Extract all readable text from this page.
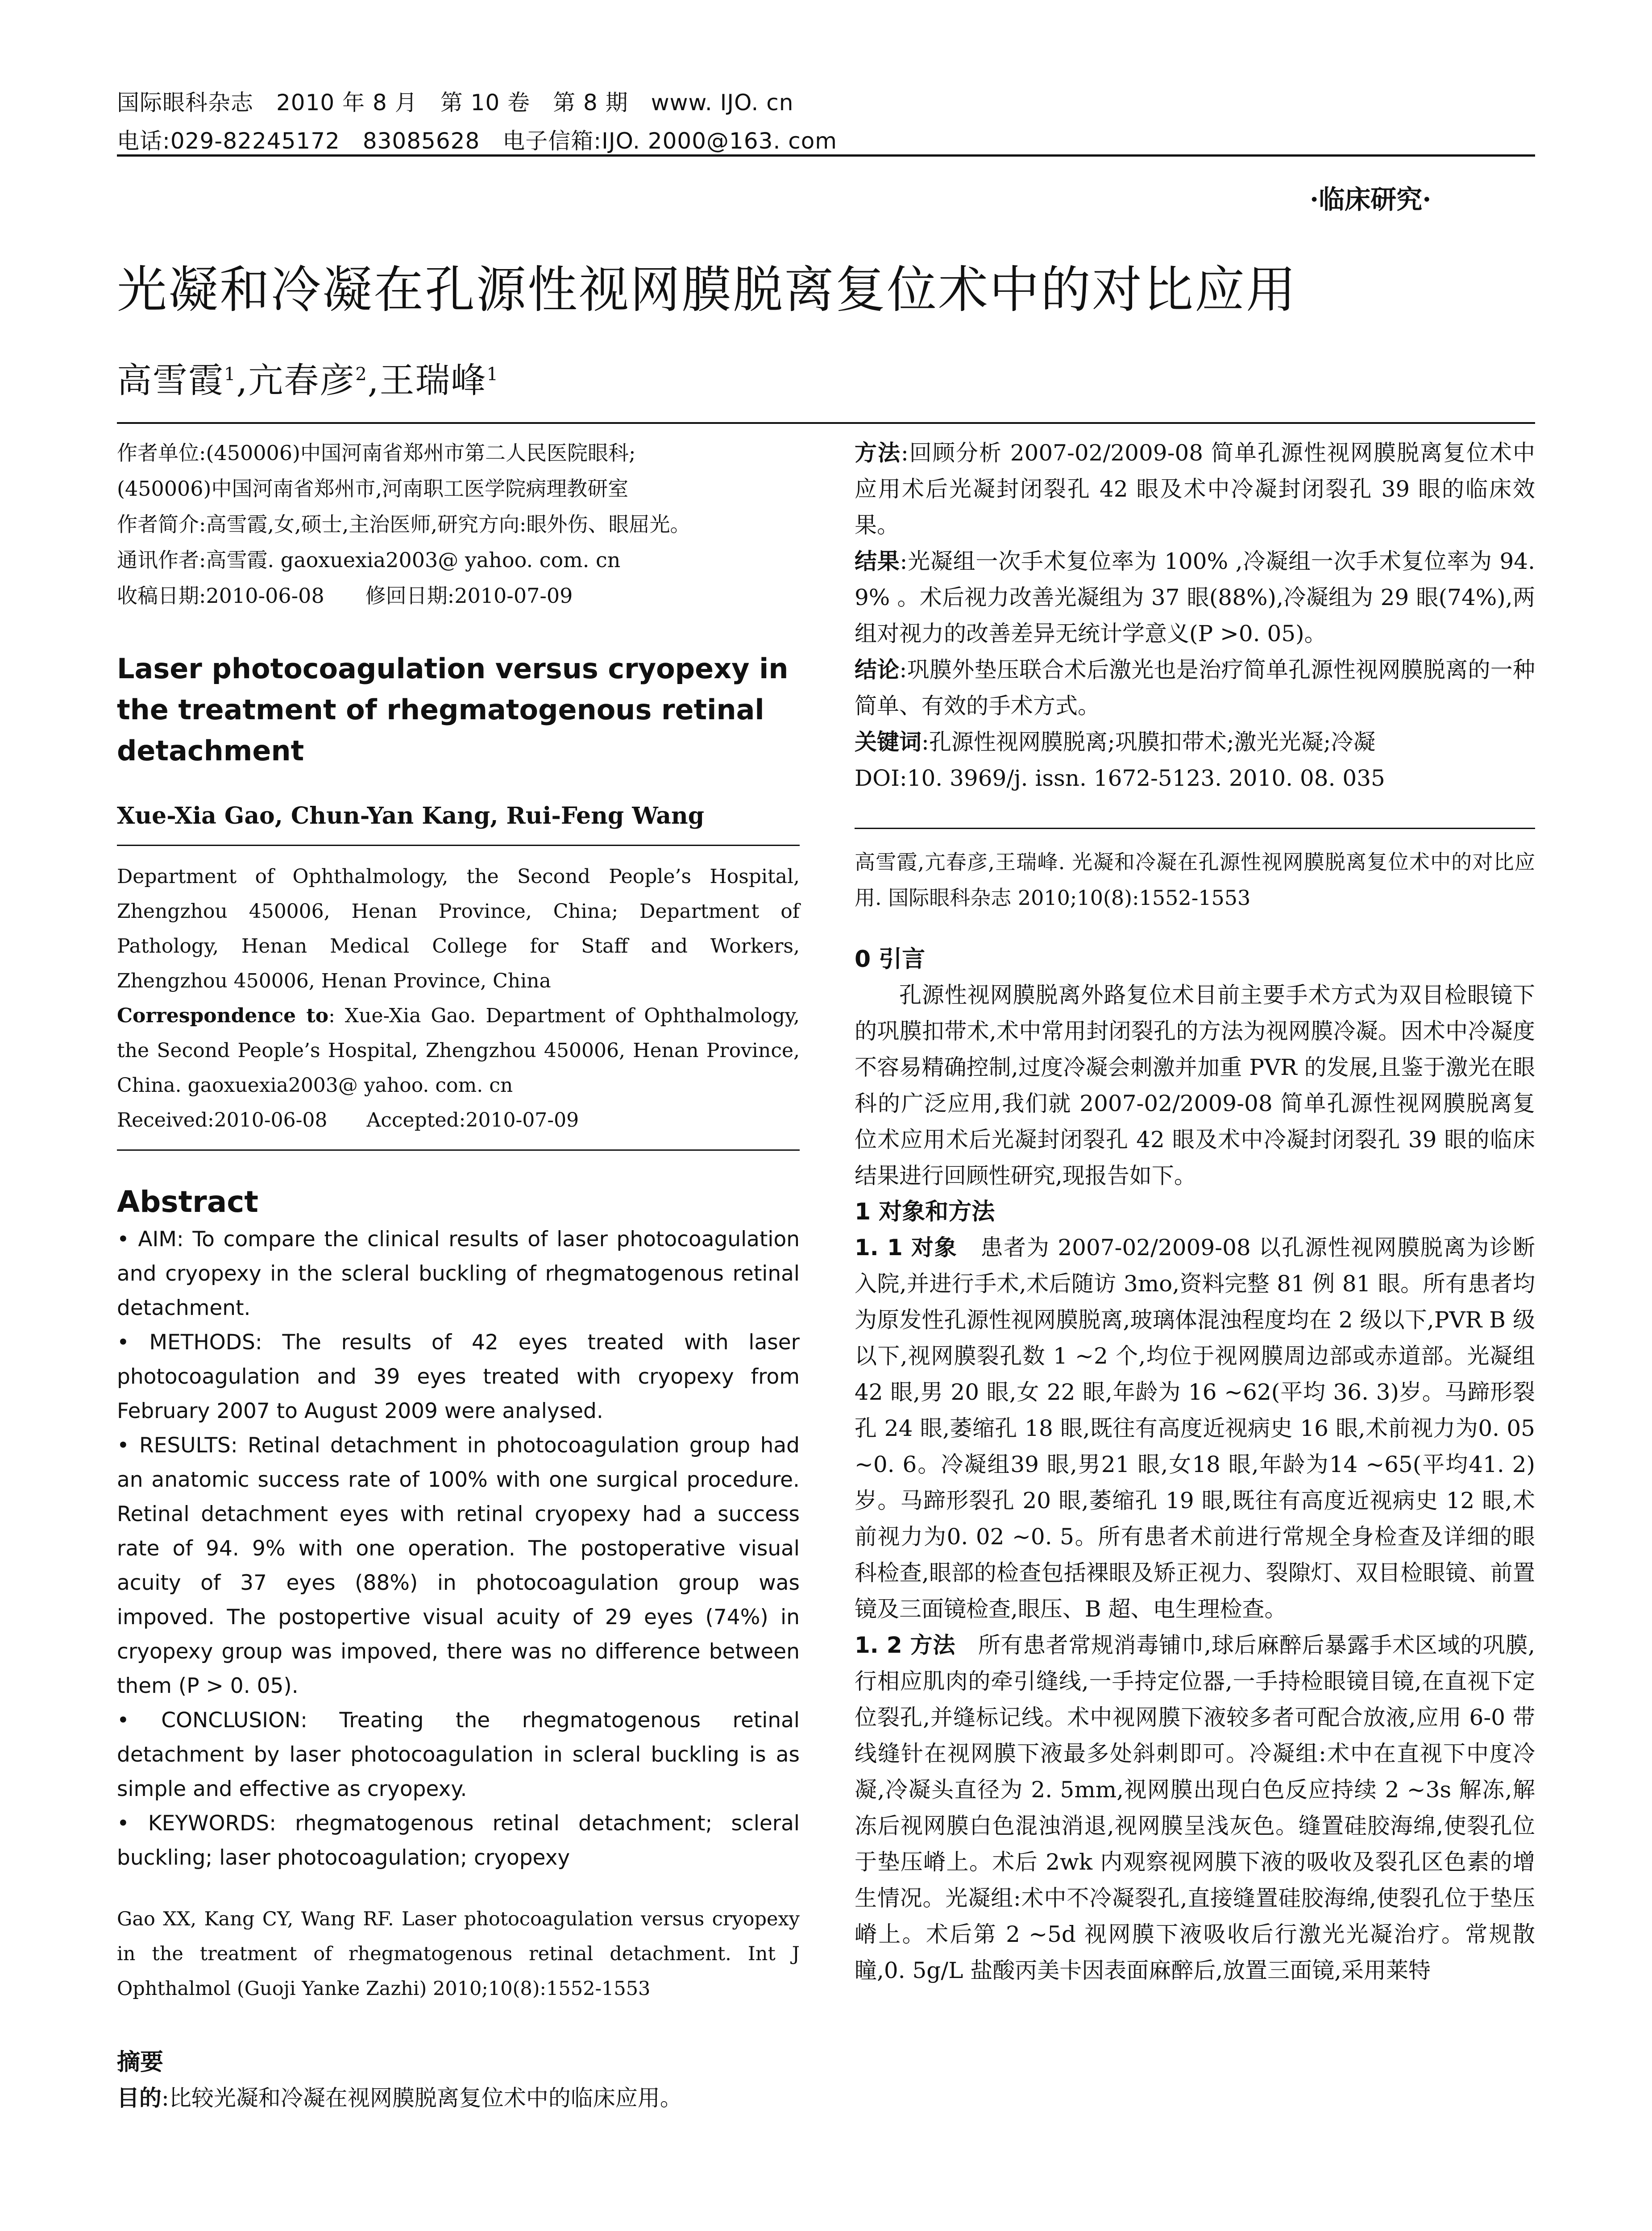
国际眼科杂志　2010 年 8 月　第 10 卷　第 8 期　www. IJO. cn
电话:029-82245172　83085628　电子信箱:IJO. 2000@163. com
·临床研究·
光凝和冷凝在孔源性视网膜脱离复位术中的对比应用
高雪霞$^1$,亢春彦$^2$,王瑞峰$^1$
作者单位:(450006)中国河南省郑州市第二人民医院眼科;
(450006)中国河南省郑州市,河南职工医学院病理教研室
作者简介:高雪霞,女,硕士,主治医师,研究方向:眼外伤、眼屈光。
通讯作者:高雪霞. gaoxuexia2003@ yahoo. com. cn
收稿日期:2010-06-08　　修回日期:2010-07-09
Laser photocoagulation versus cryopexy in the treatment of rhegmatogenous retinal detachment
Xue-Xia Gao, Chun-Yan Kang, Rui-Feng Wang
Department of Ophthalmology, the Second People’s Hospital, Zhengzhou 450006, Henan Province, China; Department of Pathology, Henan Medical College for Staff and Workers, Zhengzhou 450006, Henan Province, China
Correspondence to: Xue-Xia Gao. Department of Ophthalmology, the Second People’s Hospital, Zhengzhou 450006, Henan Province, China. gaoxuexia2003@ yahoo. com. cn
Received:2010-06-08　　Accepted:2010-07-09
Abstract
• AIM: To compare the clinical results of laser photocoagulation and cryopexy in the scleral buckling of rhegmatogenous retinal detachment.
• METHODS: The results of 42 eyes treated with laser photocoagulation and 39 eyes treated with cryopexy from February 2007 to August 2009 were analysed.
• RESULTS: Retinal detachment in photocoagulation group had an anatomic success rate of 100% with one surgical procedure. Retinal detachment eyes with retinal cryopexy had a success rate of 94. 9% with one operation. The postoperative visual acuity of 37 eyes (88%) in photocoagulation group was impoved. The postopertive visual acuity of 29 eyes (74%) in cryopexy group was impoved, there was no difference between them (P > 0. 05).
• CONCLUSION: Treating the rhegmatogenous retinal detachment by laser photocoagulation in scleral buckling is as simple and effective as cryopexy.
• KEYWORDS: rhegmatogenous retinal detachment; scleral buckling; laser photocoagulation; cryopexy
Gao XX, Kang CY, Wang RF. Laser photocoagulation versus cryopexy in the treatment of rhegmatogenous retinal detachment. Int J Ophthalmol (Guoji Yanke Zazhi) 2010;10(8):1552-1553
摘要
目的:比较光凝和冷凝在视网膜脱离复位术中的临床应用。
方法:回顾分析 2007-02/2009-08 简单孔源性视网膜脱离复位术中应用术后光凝封闭裂孔 42 眼及术中冷凝封闭裂孔 39 眼的临床效果。
结果:光凝组一次手术复位率为 100% ,冷凝组一次手术复位率为 94. 9% 。术后视力改善光凝组为 37 眼(88%),冷凝组为 29 眼(74%),两组对视力的改善差异无统计学意义(P >0. 05)。
结论:巩膜外垫压联合术后激光也是治疗简单孔源性视网膜脱离的一种简单、有效的手术方式。
关键词:孔源性视网膜脱离;巩膜扣带术;激光光凝;冷凝
DOI:10. 3969/j. issn. 1672-5123. 2010. 08. 035
高雪霞,亢春彦,王瑞峰. 光凝和冷凝在孔源性视网膜脱离复位术中的对比应用. 国际眼科杂志 2010;10(8):1552-1553
0 引言
孔源性视网膜脱离外路复位术目前主要手术方式为双目检眼镜下的巩膜扣带术,术中常用封闭裂孔的方法为视网膜冷凝。因术中冷凝度不容易精确控制,过度冷凝会刺激并加重 PVR 的发展,且鉴于激光在眼科的广泛应用,我们就 2007-02/2009-08 简单孔源性视网膜脱离复位术应用术后光凝封闭裂孔 42 眼及术中冷凝封闭裂孔 39 眼的临床结果进行回顾性研究,现报告如下。
1 对象和方法
1. 1 对象　患者为 2007-02/2009-08 以孔源性视网膜脱离为诊断入院,并进行手术,术后随访 3mo,资料完整 81 例 81 眼。所有患者均为原发性孔源性视网膜脱离,玻璃体混浊程度均在 2 级以下,PVR B 级以下,视网膜裂孔数 1 ~2 个,均位于视网膜周边部或赤道部。光凝组 42 眼,男 20 眼,女 22 眼,年龄为 16 ~62(平均 36. 3)岁。马蹄形裂孔 24 眼,萎缩孔 18 眼,既往有高度近视病史 16 眼,术前视力为0. 05 ~0. 6。冷凝组39 眼,男21 眼,女18 眼,年龄为14 ~65(平均41. 2)岁。马蹄形裂孔 20 眼,萎缩孔 19 眼,既往有高度近视病史 12 眼,术前视力为0. 02 ~0. 5。所有患者术前进行常规全身检查及详细的眼科检查,眼部的检查包括裸眼及矫正视力、裂隙灯、双目检眼镜、前置镜及三面镜检查,眼压、B 超、电生理检查。
1. 2 方法　所有患者常规消毒铺巾,球后麻醉后暴露手术区域的巩膜,行相应肌肉的牵引缝线,一手持定位器,一手持检眼镜目镜,在直视下定位裂孔,并缝标记线。术中视网膜下液较多者可配合放液,应用 6-0 带线缝针在视网膜下液最多处斜刺即可。冷凝组:术中在直视下中度冷凝,冷凝头直径为 2. 5mm,视网膜出现白色反应持续 2 ~3s 解冻,解冻后视网膜白色混浊消退,视网膜呈浅灰色。缝置硅胶海绵,使裂孔位于垫压嵴上。术后 2wk 内观察视网膜下液的吸收及裂孔区色素的增生情况。光凝组:术中不冷凝裂孔,直接缝置硅胶海绵,使裂孔位于垫压嵴上。术后第 2 ~5d 视网膜下液吸收后行激光光凝治疗。常规散瞳,0. 5g/L 盐酸丙美卡因表面麻醉后,放置三面镜,采用莱特
